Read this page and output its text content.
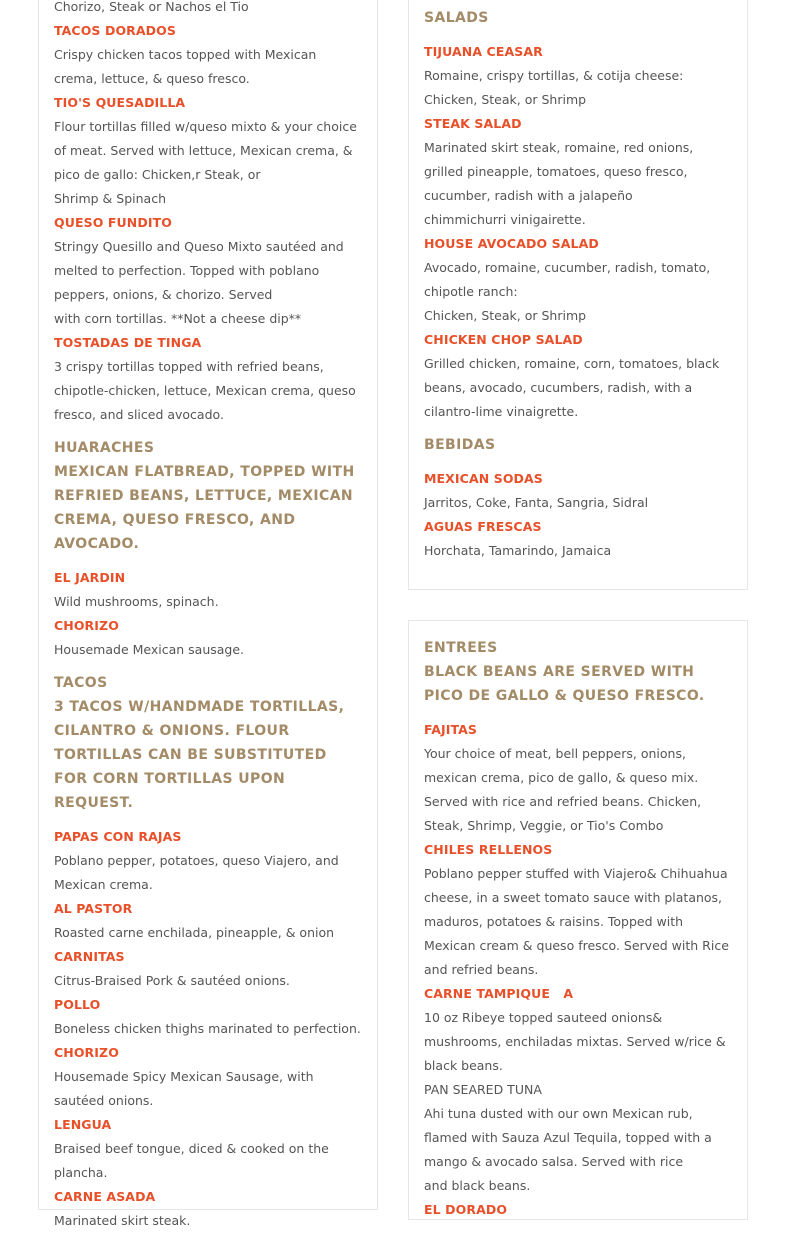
Chorizo, Steak or Nachos el Tio
TACOS DORADOS
Crispy chicken tacos topped with Mexican crema, lettuce, & queso fresco.
TIO'S QUESADILLA
Flour tortillas filled w/queso mixto & your choice of meat. Served with lettuce, Mexican crema, & pico de gallo: Chicken,r Steak, or
Shrimp & Spinach
QUESO FUNDITO
Stringy Quesillo and Queso Mixto sautéed and melted to perfection. Topped with poblano peppers, onions, & chorizo. Served
with corn tortillas. **Not a cheese dip**
TOSTADAS DE TINGA
3 crispy tortillas topped with refried beans, chipotle-chicken, lettuce, Mexican crema, queso fresco, and sliced avocado.
HUARACHES
MEXICAN FLATBREAD, TOPPED WITH REFRIED BEANS, LETTUCE, MEXICAN CREMA, QUESO FRESCO, AND AVOCADO.
EL JARDIN
Wild mushrooms, spinach.
CHORIZO
Housemade Mexican sausage.
TACOS
3 TACOS W/HANDMADE TORTILLAS, CILANTRO & ONIONS. FLOUR TORTILLAS CAN BE SUBSTITUTED FOR CORN TORTILLAS UPON REQUEST.
PAPAS CON RAJAS
Poblano pepper, potatoes, queso Viajero, and Mexican crema.
AL PASTOR
Roasted carne enchilada, pineapple, & onion
CARNITAS
Citrus-Braised Pork & sautéed onions.
POLLO
Boneless chicken thighs marinated to perfection.
CHORIZO
Housemade Spicy Mexican Sausage, with sautéed onions.
LENGUA
Braised beef tongue, diced & cooked on the plancha.
CARNE ASADA
Marinated skirt steak.
SALADS
TIJUANA CEASAR
Romaine, crispy tortillas, & cotija cheese: Chicken, Steak, or Shrimp
STEAK SALAD
Marinated skirt steak, romaine, red onions, grilled pineapple, tomatoes, queso fresco, cucumber, radish with a jalapeño
chimmichurri vinigairette.
HOUSE AVOCADO SALAD
Avocado, romaine, cucumber, radish, tomato, chipotle ranch:
Chicken, Steak, or Shrimp
CHICKEN CHOP SALAD
Grilled chicken, romaine, corn, tomatoes, black beans, avocado, cucumbers, radish, with a cilantro-lime vinaigrette.
BEBIDAS
MEXICAN SODAS
Jarritos, Coke, Fanta, Sangria, Sidral
AGUAS FRESCAS
Horchata, Tamarindo, Jamaica
ENTREES
BLACK BEANS ARE SERVED WITH PICO DE GALLO & QUESO FRESCO.
FAJITAS
Your choice of meat, bell peppers, onions, mexican crema, pico de gallo, & queso mix. Served with rice and refried beans. Chicken,
Steak, Shrimp, Veggie, or Tio's Combo
CHILES RELLENOS
Poblano pepper stuffed with Viajero& Chihuahua cheese, in a sweet tomato sauce with platanos, maduros, potatoes & raisins. Topped with Mexican cream & queso fresco. Served with Rice and refried beans.
CARNE TAMPIQUE   A
10 oz Ribeye topped sauteed onions& mushrooms, enchiladas mixtas. Served w/rice & black beans.
PAN SEARED TUNA
Ahi tuna dusted with our own Mexican rub, flamed with Sauza Azul Tequila, topped with a mango & avocado salsa. Served with rice
and black beans.
EL DORADO
